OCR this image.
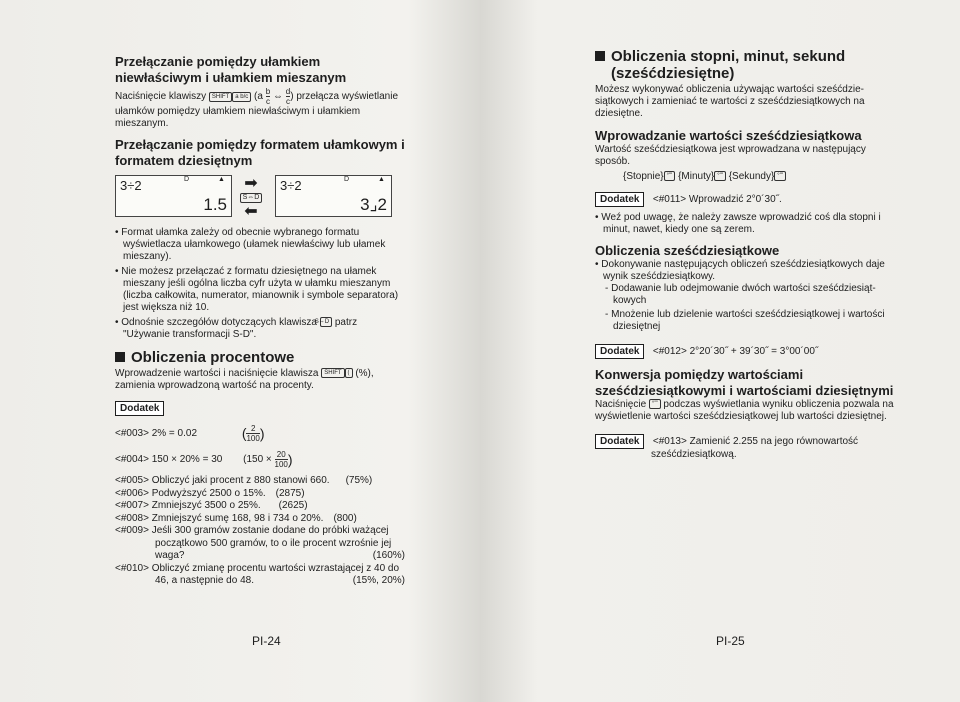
Przełączanie pomiędzy ułamkiem niewłaściwym i ułamkiem mieszanym

Naciśnięcie klawiszy SHIFT a b/c ($a \frac{b}{c}$ ⇔ $\frac{d}{c}$ ) przełącza wyświetlanie ułamków pomiędzy ułamkiem niewłaściwym i ułamkiem mieszanym.

Przełączanie pomiędzy formatem ułamkowym i formatem dziesiętnym

3÷2	D	▲
1.5
➡
S⇔D
⬅
3÷2	D	▲
3⌟2

• Format ułamka zależy od obecnie wybranego formatu wyświetlacza ułamkowego (ułamek niewłaściwy lub ułamek mieszany).

• Nie możesz przełączać z formatu dziesiętnego na ułamek mieszany jeśli ogólna liczba cyfr użyta w ułamku mieszanym (liczba całkowita, numerator, mianownik i symbole separatora) jest większa niż 10.

• Odnośnie szczegółów dotyczących klawisza S⇔D patrz "Używanie transformacji S-D".

Obliczenia procentowe

Wprowadzenie wartości i naciśnięcie klawisza SHIFT ( (%), zamienia wprowadzoną wartość na procenty.

Dodatek
<#003> 2% = 0.02	( $\frac{2}{100}$ )
<#004> 150 × 20% = 30 ($150 \times \frac{20}{100}$ )
<#005> Obliczyć jaki procent z 880 stanowi 660. (75%)
<#006> Podwyższyć 2500 o 15%. (2875)
<#007> Zmniejszyć 3500 o 25%. (2625)
<#008> Zmniejszyć sumę 168, 98 i 734 o 20%. (800)
<#009> Jeśli 300 gramów zostanie dodane do próbki ważącej
początkowo 500 gramów, to o ile procent wzrośnie jej
waga?	(160%)
<#010> Obliczyć zmianę procentu wartości wzrastającej z 40 do
46, a następnie do 48.	(15%, 20%)
PI-24

Obliczenia stopni, minut, sekund (sześćdziesiętne)

Możesz wykonywać obliczenia używając wartości sześćdzie-siątkowych i zamieniać te wartości z sześćdziesiątkowych na dziesiętne.

Wprowadzanie wartości sześćdziesiątkowa

Wartość sześćdziesiątkowa jest wprowadzana w następujący sposób.

{Stopnie} °'" {Minuty} °'" {Sekundy} °'"

Dodatek <#011> Wprowadzić 2°0´30˝.

• Weź pod uwagę, że należy zawsze wprowadzić coś dla stopni i minut, nawet, kiedy one są zerem.

Obliczenia sześćdziesiątkowe

• Dokonywanie następujących obliczeń sześćdziesiątkowych daje wynik sześćdziesiątkowy.

- Dodawanie lub odejmowanie dwóch wartości sześćdziesiąt-kowych

- Mnożenie lub dzielenie wartości sześćdziesiątkowej i wartości dziesiętnej

Dodatek <#012> 2°20´30˝ + 39´30˝ = 3°00´00˝

Konwersja pomiędzy wartościami sześćdziesiątkowymi i wartościami dziesiętnymi

Naciśnięcie °'" podczas wyświetlania wyniku obliczenia pozwala na wyświetlenie wartości sześćdziesiątkowej lub wartości dziesiętnej.

Dodatek <#013> Zamienić 2.255 na jego równowartość
sześćdziesiątkową.
PI-25
